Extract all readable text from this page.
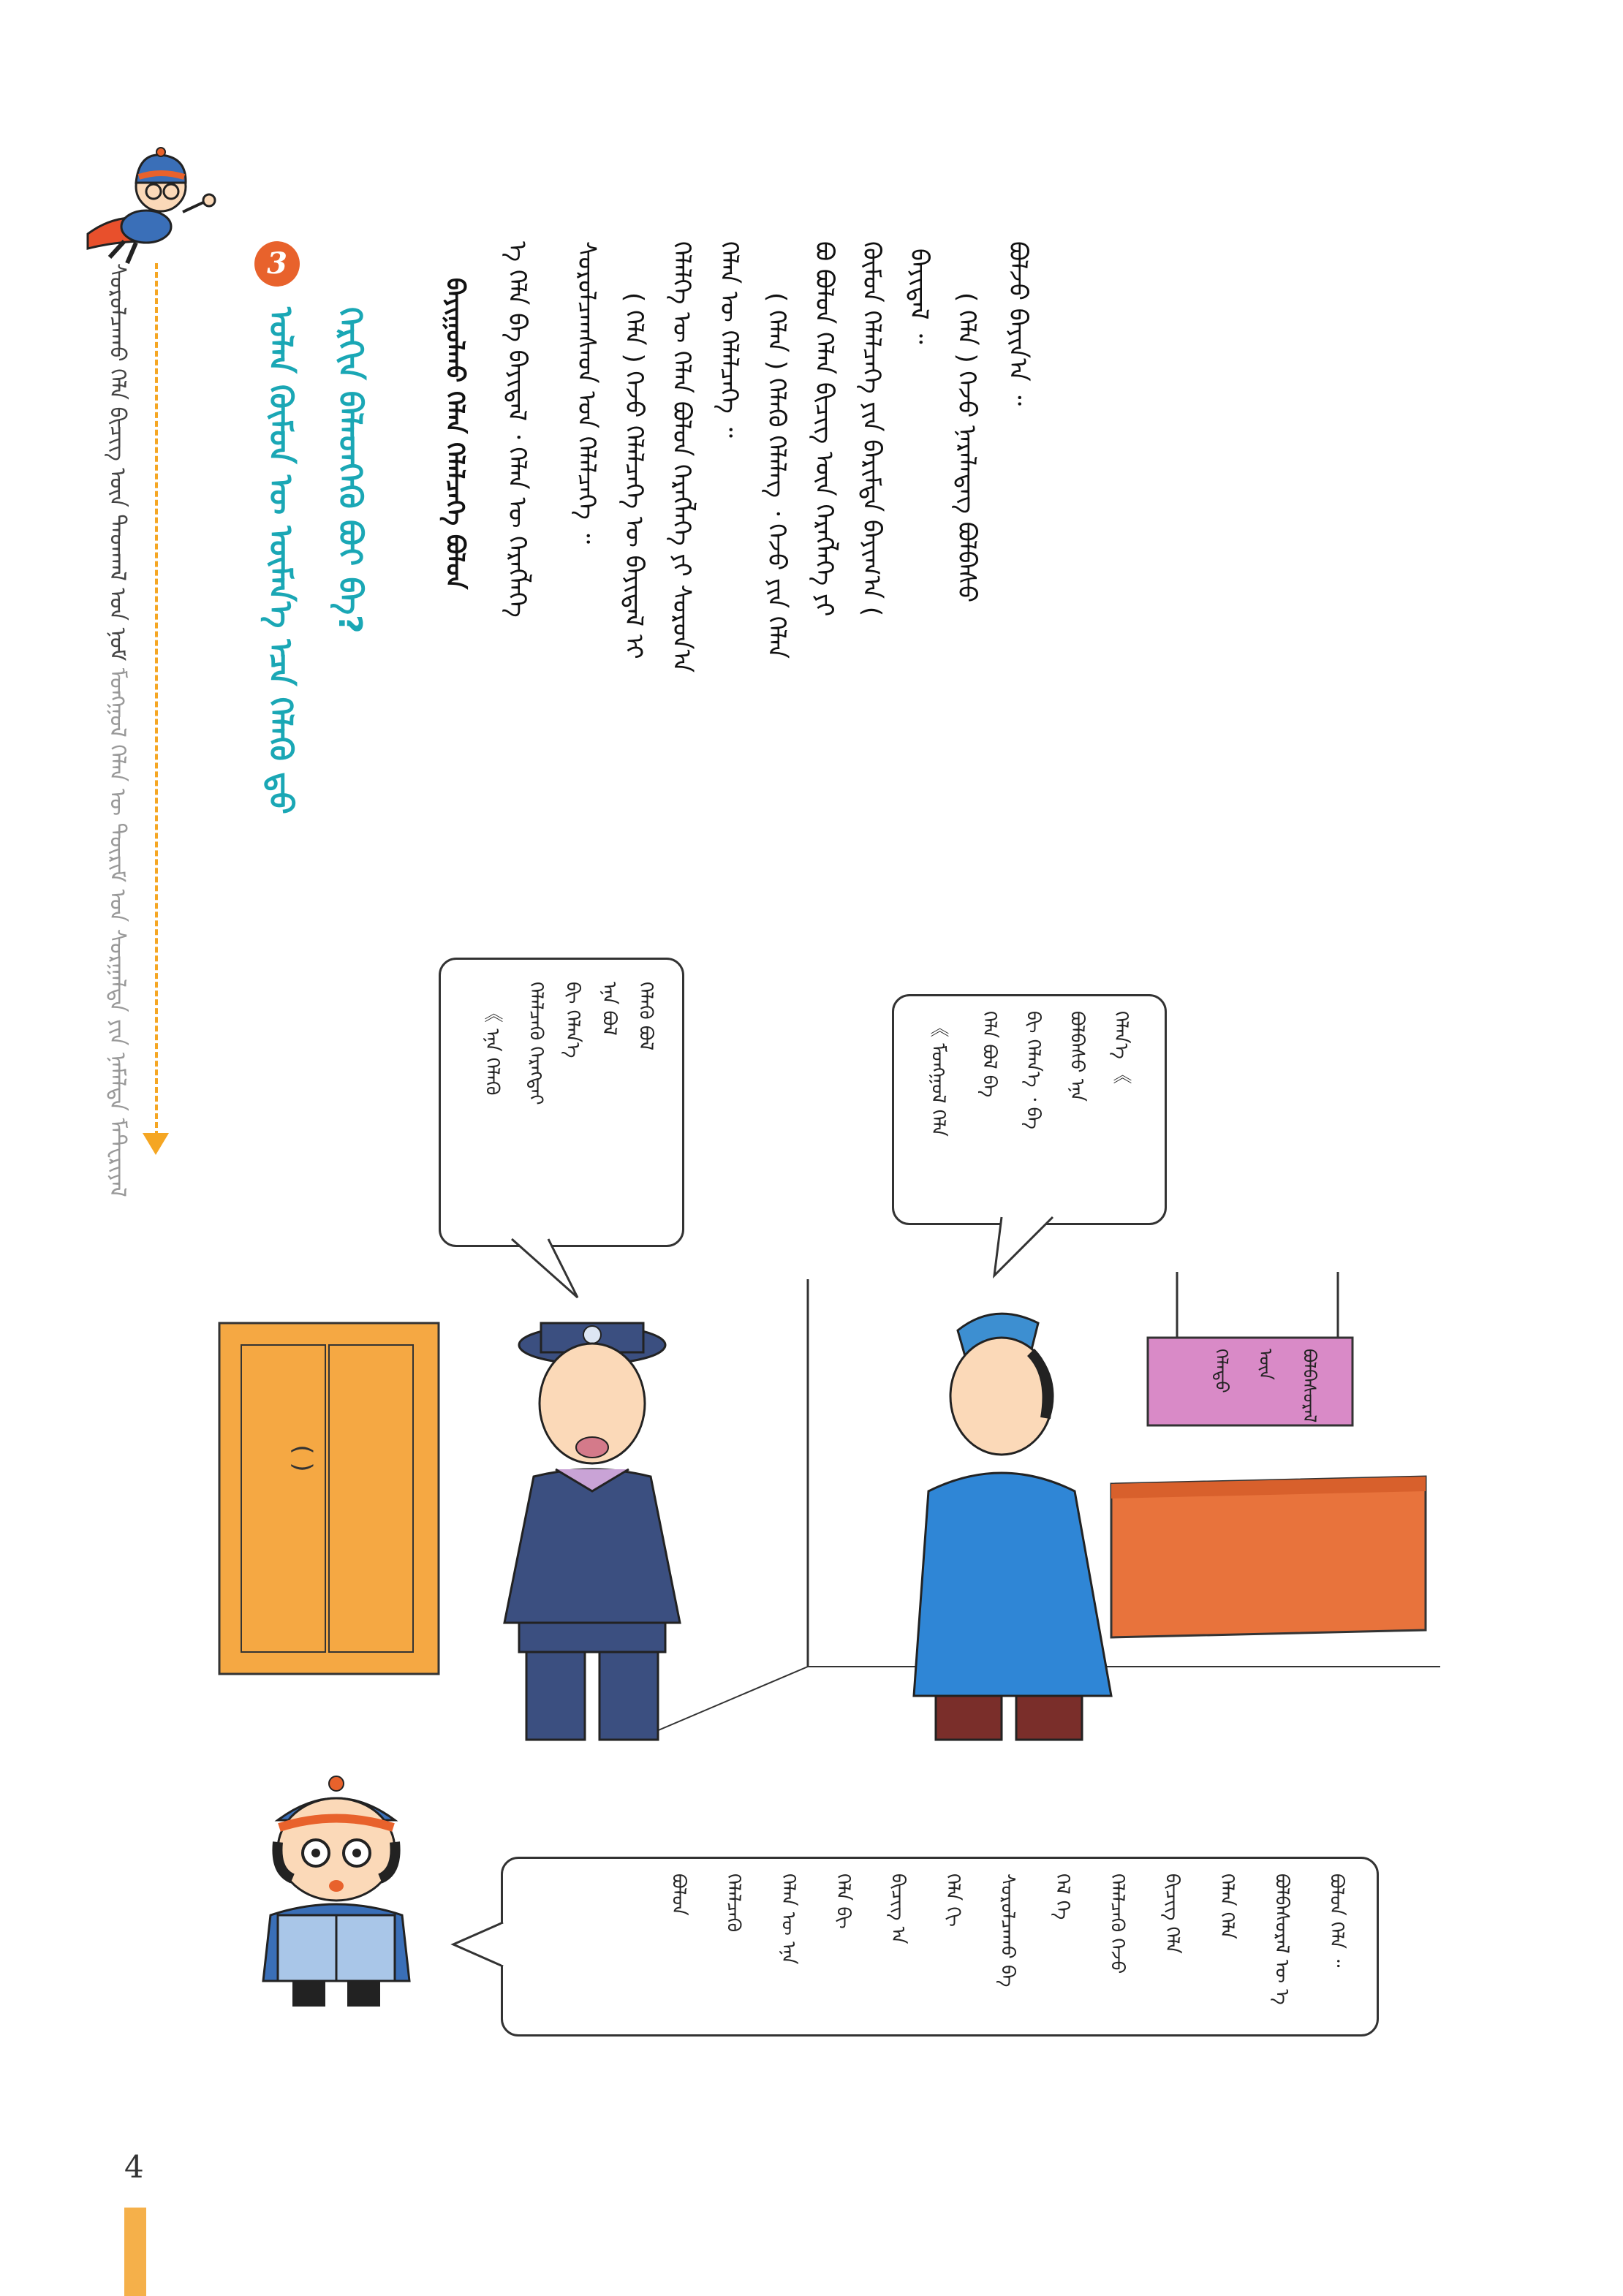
ᠰᠤᠷᠤᠯᠴᠠᠬᠤ ᠬᠡᠯᠡ ᠪᠢᠴᠢᠭ᠌ ᠦᠨ ᠳᠠᠳᠬᠠᠯ ᠤᠨ ᠨᠣᠮ ᠮᠣᠩᠭᠣᠯ ᠬᠡᠯᠡᠨ ᠦ ᠳᠦᠷᠢᠮ ᠤᠨ ᠰᠤᠷᠭᠠᠯᠲᠠ ᠶᠢᠨ ᠨᠡᠮᠡᠯᠲᠡ ᠮᠠᠲᠧᠷᠢᠶᠠᠯ
3
ᠬᠡᠷᠬᠢᠨ ᠪᠡᠯᠡᠳᠬᠡᠬᠦ ᠪᠤᠢ ᠪᠡ?
ᠣᠯᠠᠨ ᠬᠦᠮᠦᠨ ᠦ ᠦᠮᠡᠨ᠎ᠡ ᠡᠴᠡ ᠬᠡᠯᠡᠬᠦ ᠳ᠋ᠤ	ᠪᠣᠯᠵᠣ ᠪᠠᠶᠢᠨ᠎ᠠ ᠃
( ᠬᠡᠯᠡ ) ᠭᠡᠵᠦ ᠨᠡᠷᠡᠯᠡᠳᠡᠭ ᠪᠣᠯᠪᠠᠰᠤ
ᠪᠠᠶᠢᠳᠠᠯ ᠃
ᠬᠦᠮᠦᠨ ᠬᠡᠯᠡᠯᠴᠡᠭᠡ ᠶᠢᠨ ᠪᠠᠷᠢᠮᠲᠠ ᠪᠠᠶᠢᠭ᠎ᠠ (
ᠪᠣ ᠪᠣᠯᠤᠨ ᠬᠡᠯᠡᠨ ᠪᠢᠴᠢᠭ ᠦᠨ ᠬᠡᠷᠡᠭᠯᠡᠭᠡ ᠶᠢ
( ᠬᠡᠯᠡᠨ ) ᠬᠡᠯᠡᠬᠦ ᠬᠡᠯᠡᠯᠡᠭ ᠂ ᠭᠡᠵᠦ ᠶᠢᠨ ᠬᠡᠯᠡᠨ
ᠬᠡᠯᠡᠨ ᠦ ᠬᠡᠯᠡᠯᠴᠡᠭᠡ ᠃
ᠬᠡᠯᠡᠯᠭᠡ ᠦ ᠬᠡᠯᠡᠨ ᠪᠣᠯᠤᠨ ᠬᠡᠷᠡᠭᠯᠡᠭᠡ ᠶᠢ ᠰᠤᠷᠤᠨ᠎ᠠ
( ᠬᠡᠯᠡ ) ᠭᠡᠵᠦ ᠬᠡᠯᠡᠯᠴᠡᠭᠡ ᠦ ᠪᠠᠶᠢᠳᠠᠯ ᠢ
ᠰᠤᠷᠤᠯᠴᠠᠭᠰᠠᠳ ᠤᠨ ᠬᠡᠯᠡᠯᠴᠡᠭᠡ ᠃
ᠡ ᠬᠡᠯᠡ ᠪᠡ ᠪᠠᠶᠢᠳᠠᠯ ᠂ ᠬᠡᠯᠡᠨ ᠦ ᠬᠡᠷᠡᠭᠯᠡᠭᠡ
ᠪᠠᠶᠢᠭᠤᠯᠬᠤ ᠬᠡᠯᠡᠨ ᠬᠡᠯᠡᠯᠴᠡᠭᠡ ᠪᠣᠯᠤᠨ
( )
ᠪᠣᠯᠪᠠᠰᠤᠷᠠᠯ
ᠦᠨ
ᠬᠡᠯᠡᠲᠦ
ᠬᠡᠯᠡᠬᠦ ᠪᠣᠯ
ᠡᠨᠡ ᠪᠣᠯ
ᠪᠢ ᠬᠡᠯᠡᠨ᠎ᠡ
ᠬᠡᠯᠡᠯᠴᠡᠬᠦ ᠬᠡᠷᠡᠭᠲᠡᠢ
《 ᠡᠨᠡ ᠬᠡᠯᠡᠬᠦ	ᠬᠡᠯᠡᠨ᠎ᠡ 《
ᠪᠣᠯᠪᠠᠰᠤ ᠡᠨᠡ
ᠪᠢ ᠬᠡᠯᠡᠨ᠎ᠡ ᠂ ᠪᠠ
ᠬᠡᠯᠡ ᠪᠣᠯ ᠪᠡ
《 ᠮᠣᠩᠭᠣᠯ ᠬᠡᠯᠡ
ᠪᠣᠯᠤᠨ ᠬᠡᠯᠡ ᠃
ᠪᠣᠯᠪᠠᠰᠤᠷᠠᠯ ᠦ ᠡ
ᠬᠡᠯᠡᠨ ᠬᠡᠯᠡ
ᠪᠢᠴᠢᠭ ᠬᠡᠯᠡ
ᠬᠡᠯᠡᠯᠴᠡᠬᠦ ᠭᠡᠵᠦ
ᠬᠡᠯ ᠭᠡ
ᠰᠤᠷᠤᠯᠴᠠᠬᠤ ᠪᠠ
ᠬᠡᠯᠡ ᠬᠢ
ᠪᠢᠴᠢᠭ ᠡᠨ
ᠬᠡᠯᠡ ᠪᠢ
ᠬᠡᠯᠡᠨ ᠦ ᠡᠨᠡ
ᠬᠡᠯᠡᠯᠴᠡᠬᠦ
ᠪᠣᠯᠤᠨ
4
